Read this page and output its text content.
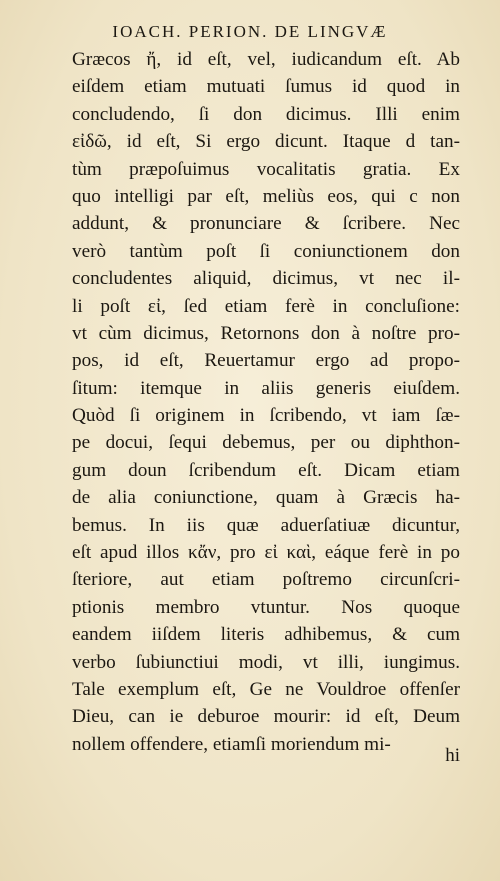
IOACH. PERION. DE LINGVÆ
Græcos ἤ, id eſt, vel, iudicandum eſt. Ab
eiſdem etiam mutuati ſumus id quod in
concludendo, ſi don dicimus. Illi enim
εἰδῶ, id eſt, Si ergo dicunt. Itaque d tan-
tùm præpoſuimus vocalitatis gratia. Ex
quo intelligi par eſt, meliùs eos, qui c non
addunt, & pronunciare & ſcribere. Nec
verò tantùm poſt ſi coniunctionem don
concludentes aliquid, dicimus, vt nec il-
li poſt εἰ, ſed etiam ferè in concluſione:
vt cùm dicimus, Retornons don à noſtre pro-
pos, id eſt, Reuertamur ergo ad propo-
ſitum: itemque in aliis generis eiuſdem.
Quòd ſi originem in ſcribendo, vt iam ſæ-
pe docui, ſequi debemus, per ou diphthon-
gum doun ſcribendum eſt. Dicam etiam
de alia coniunctione, quam à Græcis ha-
bemus. In iis quæ aduerſatiuæ dicuntur,
eſt apud illos κἄν, pro εἰ καὶ, eáque ferè in po
ſteriore, aut etiam poſtremo circunſcri-
ptionis membro vtuntur. Nos quoque
eandem iiſdem literis adhibemus, & cum
verbo ſubiunctiui modi, vt illi, iungimus.
Tale exemplum eſt, Ge ne Vouldroe offenſer
Dieu, can ie deburoe mourir: id eſt, Deum
nollem offendere, etiamſi moriendum mi-
hi
